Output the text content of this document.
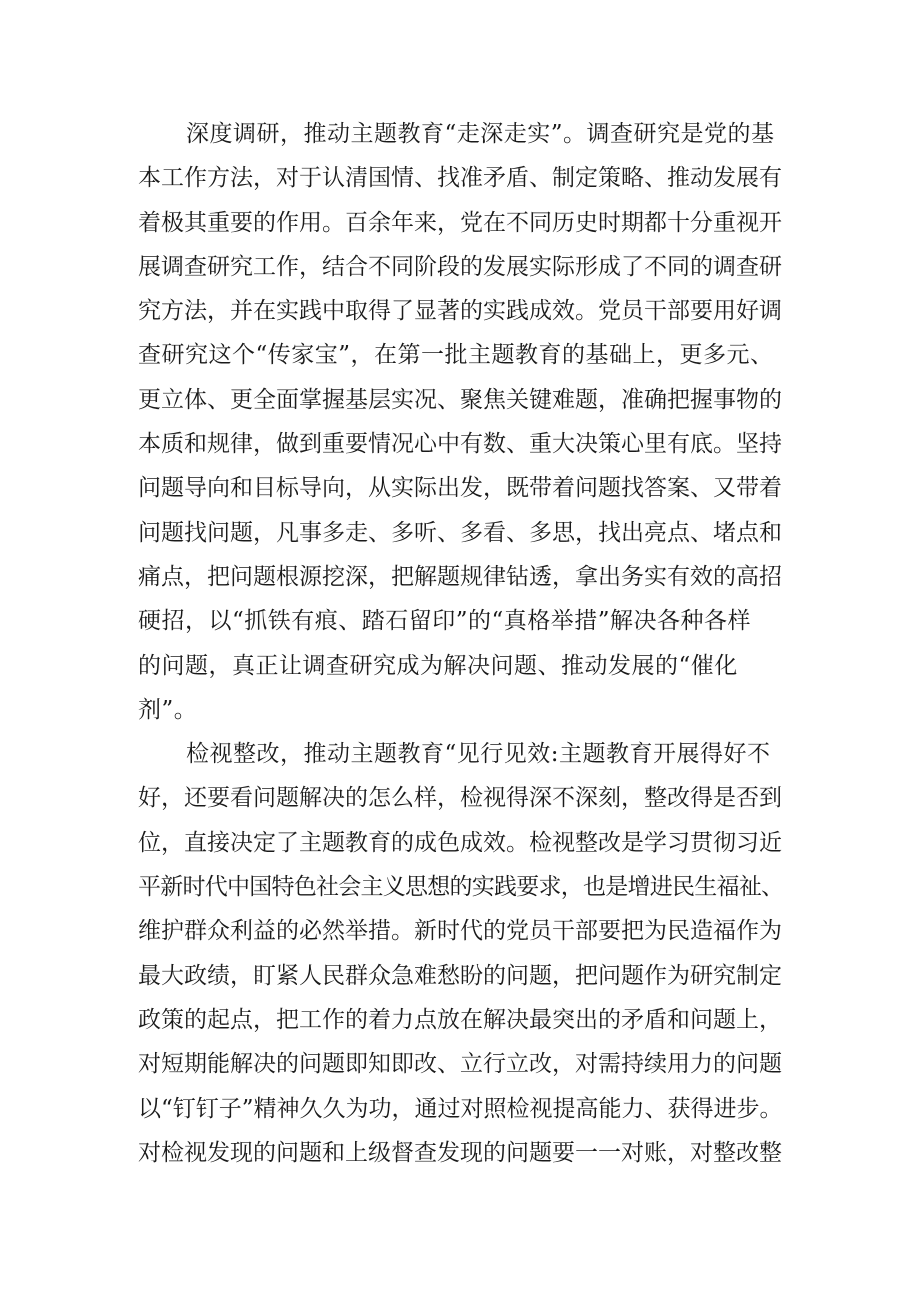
深度调研，推动主题教育“走深走实”。调查研究是党的基
本工作方法，对于认清国情、找准矛盾、制定策略、推动发展有
着极其重要的作用。百余年来，党在不同历史时期都十分重视开
展调查研究工作，结合不同阶段的发展实际形成了不同的调查研
究方法，并在实践中取得了显著的实践成效。党员干部要用好调
查研究这个“传家宝”，在第一批主题教育的基础上，更多元、
更立体、更全面掌握基层实况、聚焦关键难题，准确把握事物的
本质和规律，做到重要情况心中有数、重大决策心里有底。坚持
问题导向和目标导向，从实际出发，既带着问题找答案、又带着
问题找问题，凡事多走、多听、多看、多思，找出亮点、堵点和
痛点，把问题根源挖深，把解题规律钻透，拿出务实有效的高招
硬招，以“抓铁有痕、踏石留印”的“真格举措”解决各种各样
的问题，真正让调查研究成为解决问题、推动发展的“催化
剂”。
检视整改，推动主题教育“见行见效:主题教育开展得好不
好，还要看问题解决的怎么样，检视得深不深刻，整改得是否到
位，直接决定了主题教育的成色成效。检视整改是学习贯彻习近
平新时代中国特色社会主义思想的实践要求，也是增进民生福祉、
维护群众利益的必然举措。新时代的党员干部要把为民造福作为
最大政绩，盯紧人民群众急难愁盼的问题，把问题作为研究制定
政策的起点，把工作的着力点放在解决最突出的矛盾和问题上，
对短期能解决的问题即知即改、立行立改，对需持续用力的问题
以“钉钉子”精神久久为功，通过对照检视提高能力、获得进步。
对检视发现的问题和上级督查发现的问题要一一对账，对整改整
